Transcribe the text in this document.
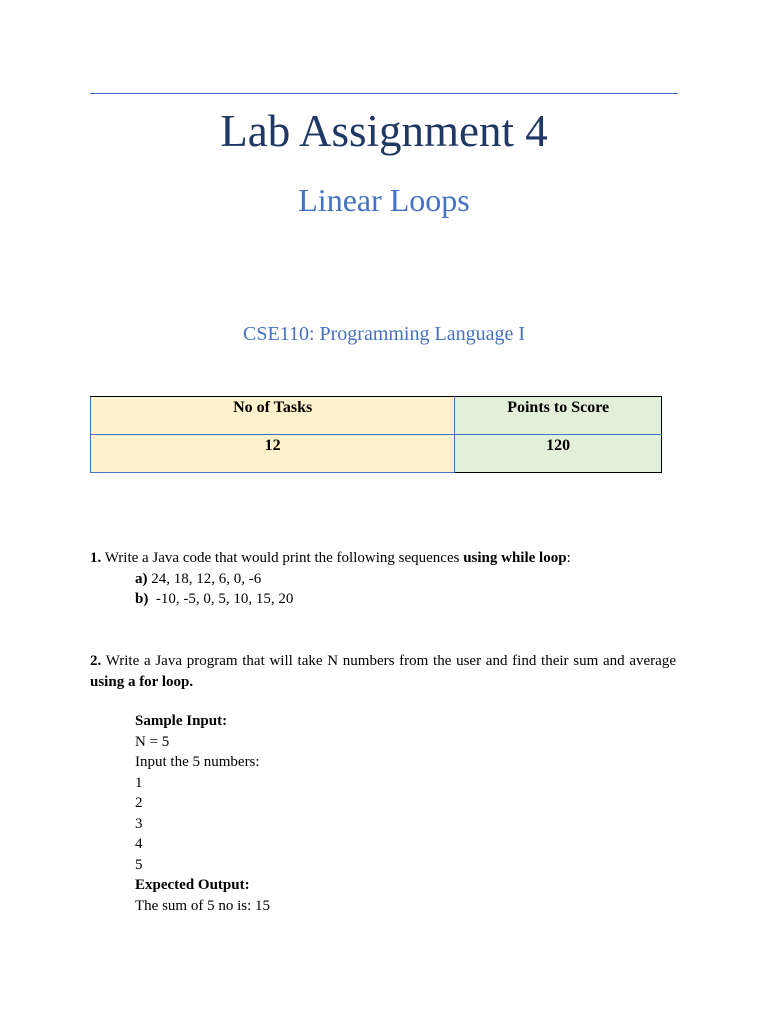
Lab Assignment 4
Linear Loops
CSE110: Programming Language I
No of Tasks	Points to Score
12	120
1. Write a Java code that would print the following sequences using while loop:
a) 24, 18, 12, 6, 0, -6
b)  -10, -5, 0, 5, 10, 15, 20
2. Write a Java program that will take N numbers from the user and find their sum and average using a for loop.
Sample Input:
N = 5
Input the 5 numbers:
1
2
3
4
5
Expected Output:
The sum of 5 no is: 15
